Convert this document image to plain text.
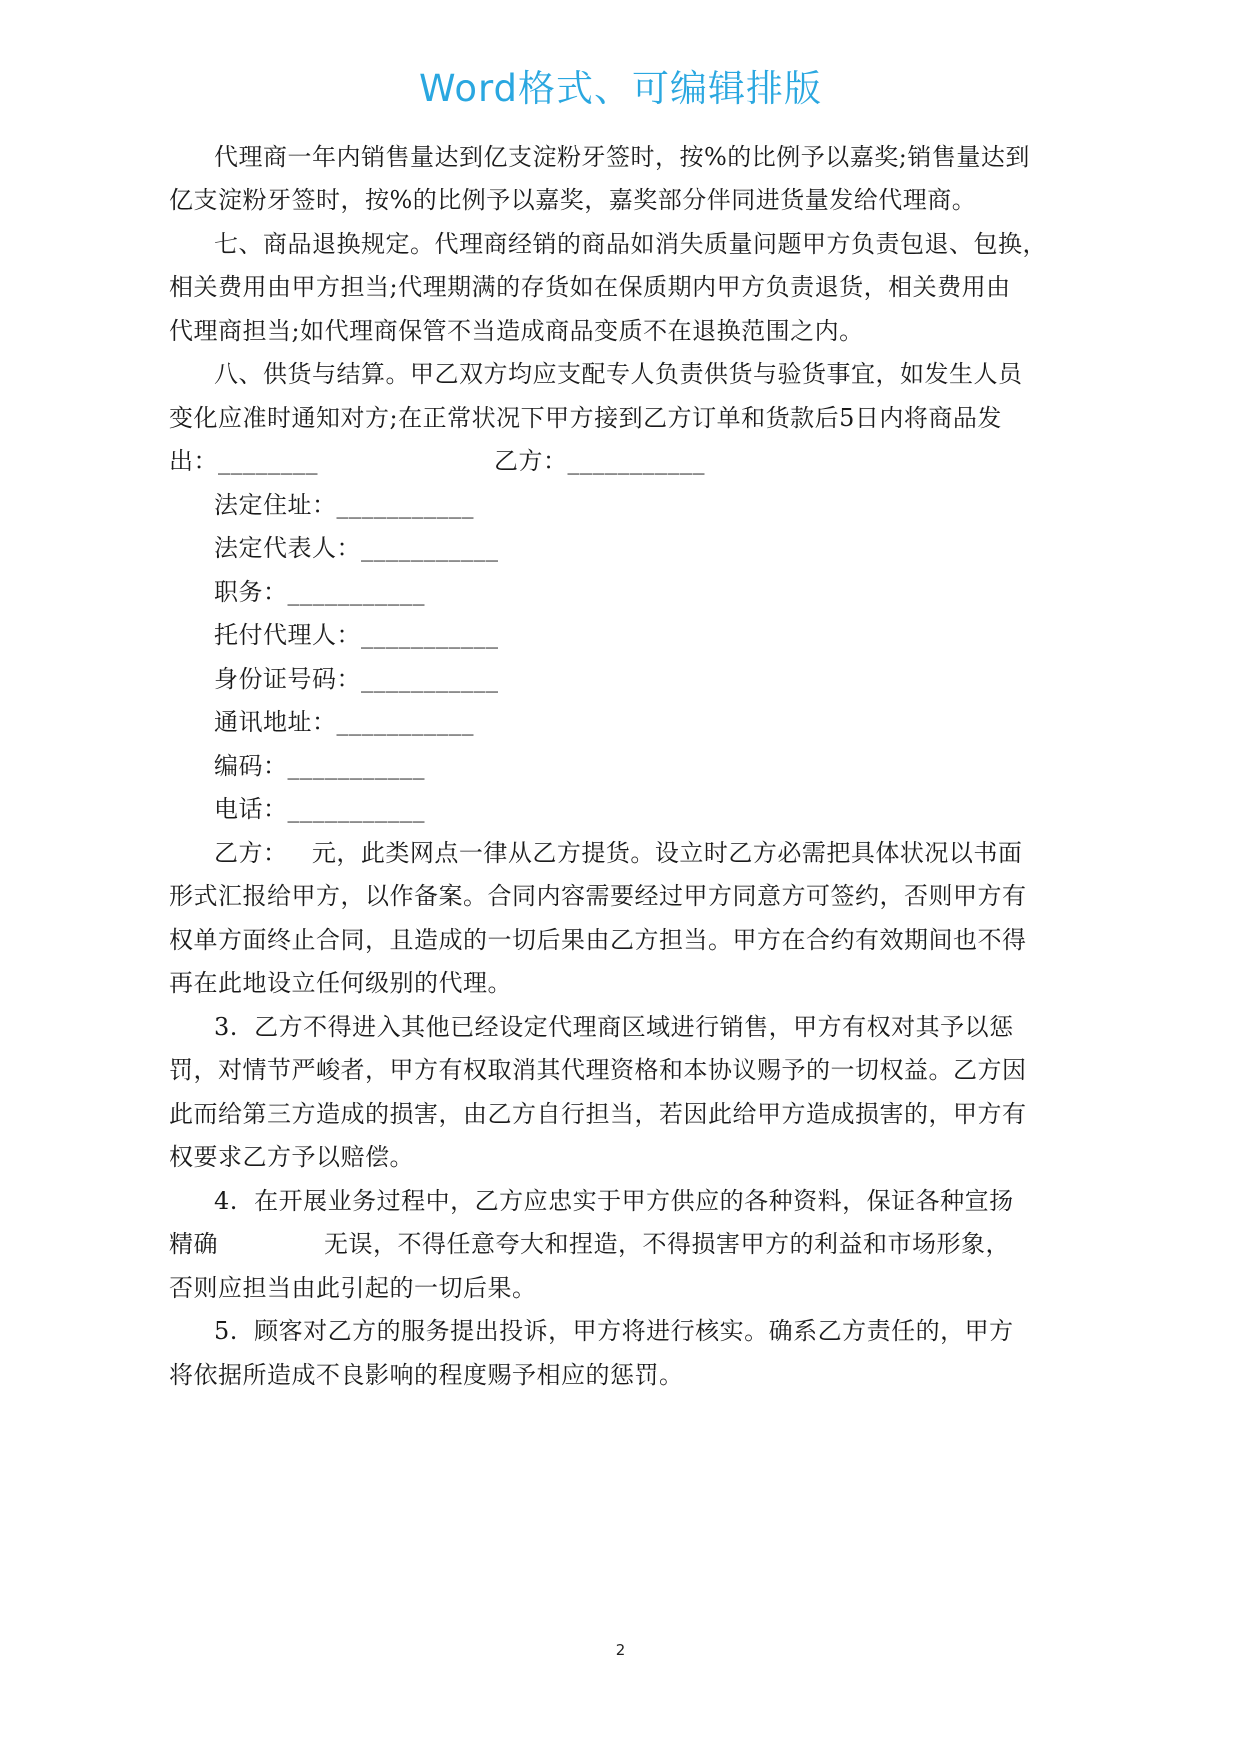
Word格式、可编辑排版
代理商一年内销售量达到亿支淀粉牙签时，按%的比例予以嘉奖;销售量达到
亿支淀粉牙签时，按%的比例予以嘉奖，嘉奖部分伴同进货量发给代理商。
七、商品退换规定。代理商经销的商品如消失质量问题甲方负责包退、包换，
相关费用由甲方担当;代理期满的存货如在保质期内甲方负责退货，相关费用由
代理商担当;如代理商保管不当造成商品变质不在退换范围之内。
八、供货与结算。甲乙双方均应支配专人负责供货与验货事宜，如发生人员
变化应准时通知对方;在正常状况下甲方接到乙方订单和货款后5日内将商品发
出：________	乙方：___________
法定住址：___________
法定代表人：___________
职务：___________
托付代理人：___________
身份证号码：___________
通讯地址：___________
编码：___________
电话：___________
乙方：   元，此类网点一律从乙方提货。设立时乙方必需把具体状况以书面
形式汇报给甲方，以作备案。合同内容需要经过甲方同意方可签约，否则甲方有
权单方面终止合同，且造成的一切后果由乙方担当。甲方在合约有效期间也不得
再在此地设立任何级别的代理。
3.  乙方不得进入其他已经设定代理商区域进行销售，甲方有权对其予以惩
罚，对情节严峻者，甲方有权取消其代理资格和本协议赐予的一切权益。乙方因
此而给第三方造成的损害，由乙方自行担当，若因此给甲方造成损害的，甲方有
权要求乙方予以赔偿。
4.  在开展业务过程中，乙方应忠实于甲方供应的各种资料，保证各种宣扬
精确	无误，不得任意夸大和捏造，不得损害甲方的利益和市场形象，
否则应担当由此引起的一切后果。
5.  顾客对乙方的服务提出投诉，甲方将进行核实。确系乙方责任的，甲方
将依据所造成不良影响的程度赐予相应的惩罚。
2
